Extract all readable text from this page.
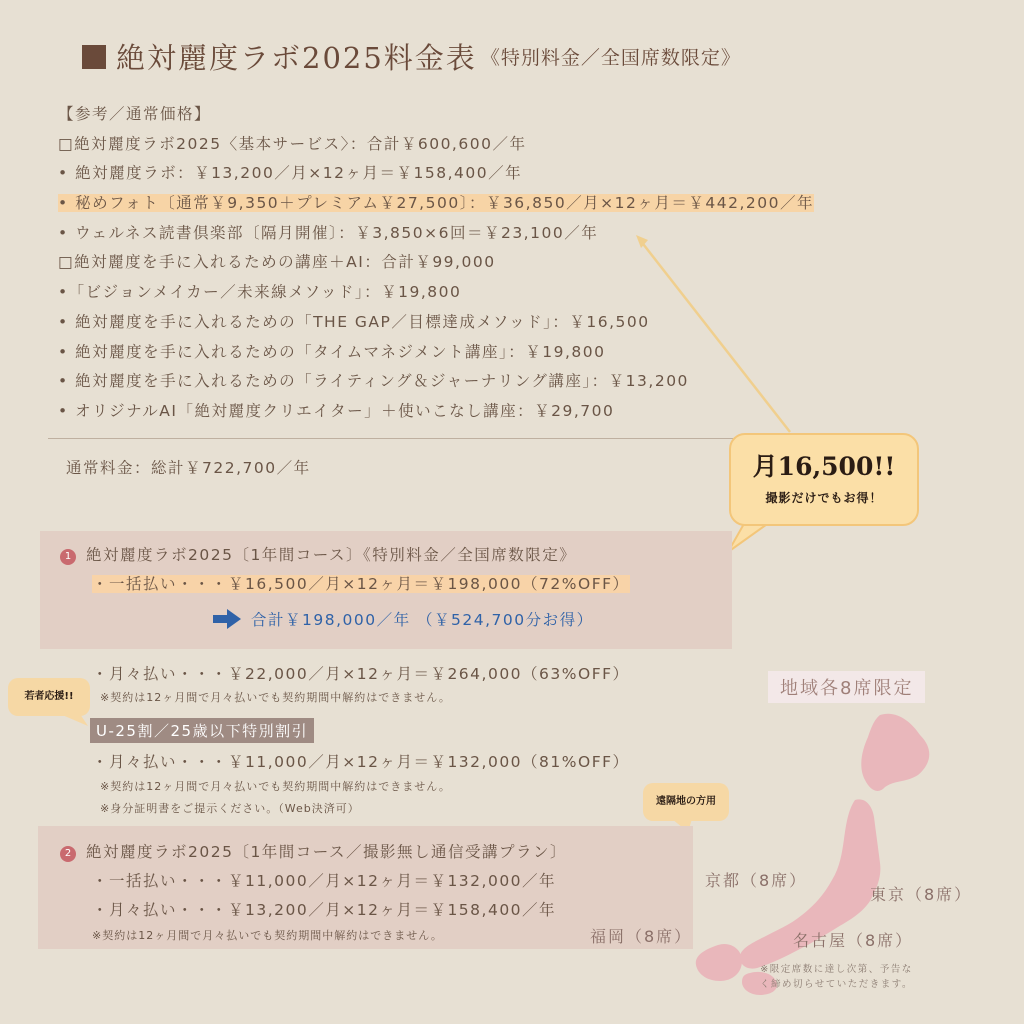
絶対麗度ラボ2025料金表 《特別料金／全国席数限定》
【参考／通常価格】
□絶対麗度ラボ2025〈基本サービス〉：合計￥600,600／年
• 絶対麗度ラボ：￥13,200／月×12ヶ月＝￥158,400／年
• 秘めフォト〔通常￥9,350＋プレミアム￥27,500〕：￥36,850／月×12ヶ月＝￥442,200／年
• ウェルネス読書倶楽部〔隔月開催〕：￥3,850×6回＝￥23,100／年
□絶対麗度を手に入れるための講座＋AI：合計￥99,000
•「ビジョンメイカー／未来線メソッド」：￥19,800
• 絶対麗度を手に入れるための「THE GAP／目標達成メソッド」：￥16,500
• 絶対麗度を手に入れるための「タイムマネジメント講座」：￥19,800
• 絶対麗度を手に入れるための「ライティング＆ジャーナリング講座」：￥13,200
• オリジナルAI「絶対麗度クリエイター」＋使いこなし講座：￥29,700
通常料金：総計￥722,700／年	月16,500!!
撮影だけでもお得！
1 絶対麗度ラボ2025〔1年間コース〕《特別料金／全国席数限定》
・一括払い・・・￥16,500／月×12ヶ月＝￥198,000（72%OFF）
合計￥198,000／年 （￥524,700分お得）
・月々払い・・・￥22,000／月×12ヶ月＝￥264,000（63%OFF）
※契約は12ヶ月間で月々払いでも契約期間中解約はできません。
若者応援!!
U-25割／25歳以下特別割引
・月々払い・・・￥11,000／月×12ヶ月＝￥132,000（81%OFF）
※契約は12ヶ月間で月々払いでも契約期間中解約はできません。
※身分証明書をご提示ください。（Web決済可）
遠隔地の方用
2 絶対麗度ラボ2025〔1年間コース／撮影無し通信受講プラン〕
・一括払い・・・￥11,000／月×12ヶ月＝￥132,000／年
・月々払い・・・￥13,200／月×12ヶ月＝￥158,400／年
※契約は12ヶ月間で月々払いでも契約期間中解約はできません。
地域各8席限定
京都（8席）
東京（8席）
福岡（8席）	名古屋（8席）
※限定席数に達し次第、予告な
く締め切らせていただきます。
